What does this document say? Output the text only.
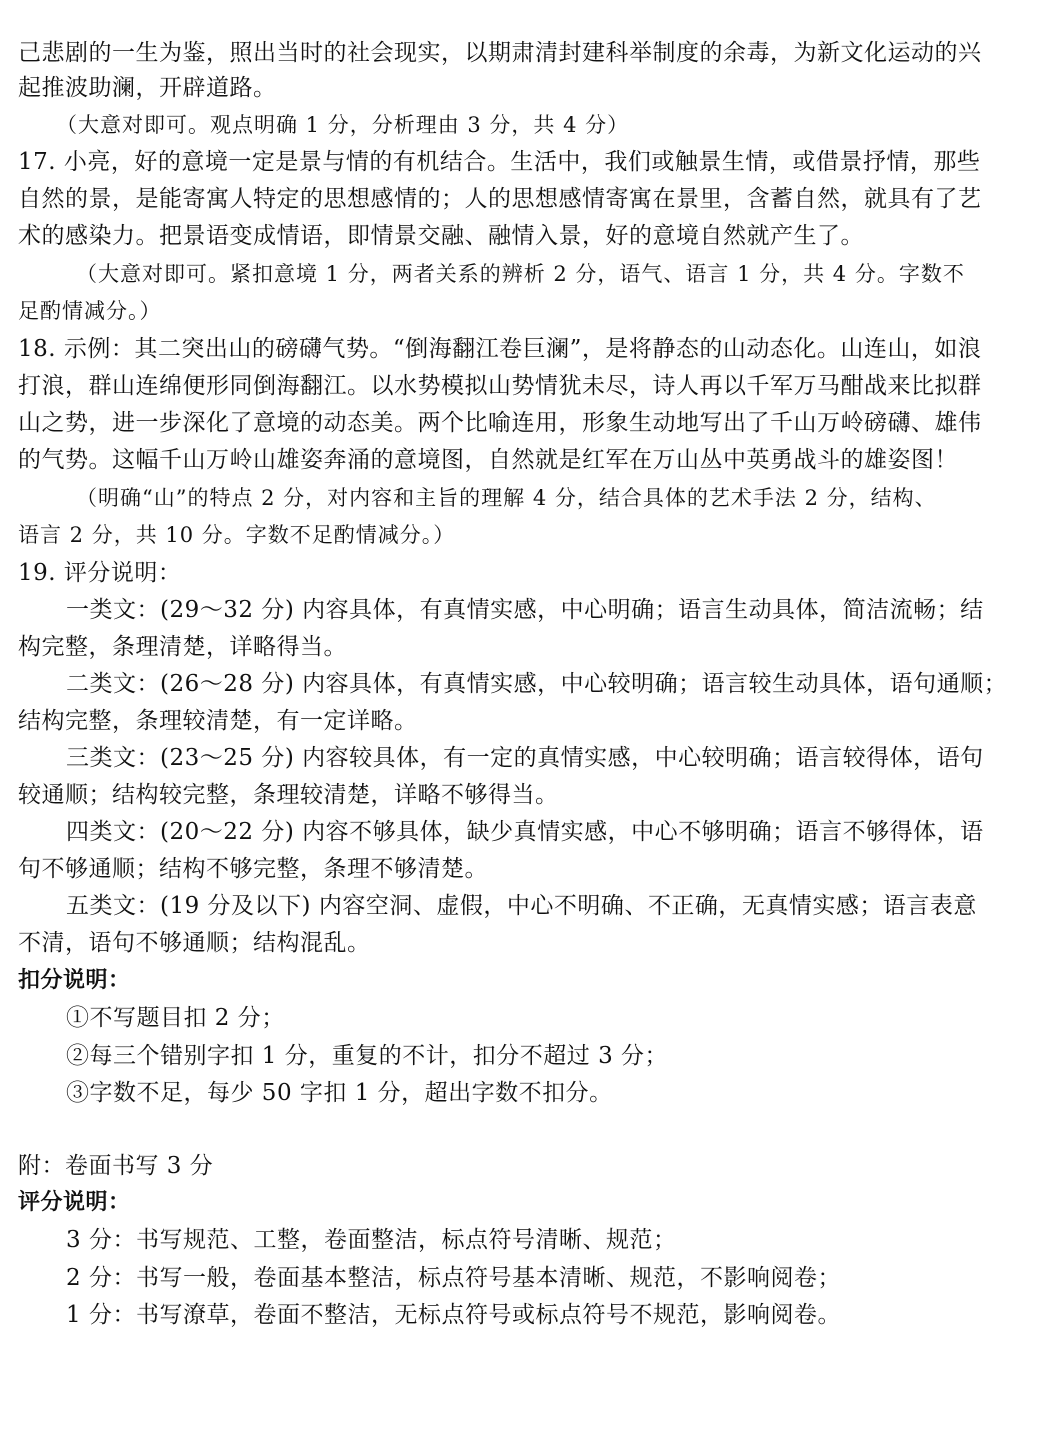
己悲剧的一生为鉴，照出当时的社会现实，以期肃清封建科举制度的余毒，为新文化运动的兴
起推波助澜，开辟道路。
（大意对即可。观点明确 1 分，分析理由 3 分，共 4 分）
17. 小亮，好的意境一定是景与情的有机结合。生活中，我们或触景生情，或借景抒情，那些
自然的景，是能寄寓人特定的思想感情的；人的思想感情寄寓在景里，含蓄自然，就具有了艺
术的感染力。把景语变成情语，即情景交融、融情入景，好的意境自然就产生了。
（大意对即可。紧扣意境 1 分，两者关系的辨析 2 分，语气、语言 1 分，共 4 分。字数不
足酌情减分。）
18. 示例：其二突出山的磅礴气势。“倒海翻江卷巨澜”，是将静态的山动态化。山连山，如浪
打浪，群山连绵便形同倒海翻江。以水势模拟山势情犹未尽，诗人再以千军万马酣战来比拟群
山之势，进一步深化了意境的动态美。两个比喻连用，形象生动地写出了千山万岭磅礴、雄伟
的气势。这幅千山万岭山雄姿奔涌的意境图，自然就是红军在万山丛中英勇战斗的雄姿图！
（明确“山”的特点 2 分，对内容和主旨的理解 4 分，结合具体的艺术手法 2 分，结构、
语言 2 分，共 10 分。字数不足酌情减分。）
19. 评分说明：
一类文：(29～32 分) 内容具体，有真情实感，中心明确；语言生动具体，简洁流畅；结
构完整，条理清楚，详略得当。
二类文：(26～28 分) 内容具体，有真情实感，中心较明确；语言较生动具体，语句通顺；
结构完整，条理较清楚，有一定详略。
三类文：(23～25 分) 内容较具体，有一定的真情实感，中心较明确；语言较得体，语句
较通顺；结构较完整，条理较清楚，详略不够得当。
四类文：(20～22 分) 内容不够具体，缺少真情实感，中心不够明确；语言不够得体，语
句不够通顺；结构不够完整，条理不够清楚。
五类文：(19 分及以下) 内容空洞、虚假，中心不明确、不正确，无真情实感；语言表意
不清，语句不够通顺；结构混乱。
扣分说明：
①不写题目扣 2 分；
②每三个错别字扣 1 分，重复的不计，扣分不超过 3 分；
③字数不足，每少 50 字扣 1 分，超出字数不扣分。
附：卷面书写 3 分
评分说明：
3 分：书写规范、工整，卷面整洁，标点符号清晰、规范；
2 分：书写一般，卷面基本整洁，标点符号基本清晰、规范，不影响阅卷；
1 分：书写潦草，卷面不整洁，无标点符号或标点符号不规范，影响阅卷。
